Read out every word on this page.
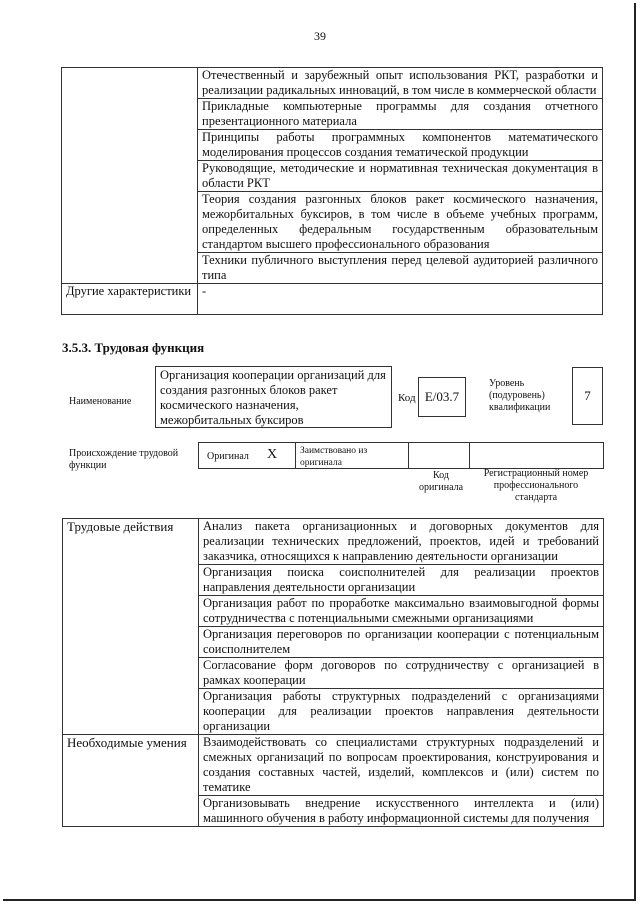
39
	Отечественный и зарубежный опыт использования РКТ, разработки и реализации радикальных инноваций, в том числе в коммерческой области
	Прикладные компьютерные программы для создания отчетного презентационного материала
	Принципы работы программных компонентов математического моделирования процессов создания тематической продукции
	Руководящие, методические и нормативная техническая документация в области РКТ
	Теория создания разгонных блоков ракет космического назначения, межорбитальных буксиров, в том числе в объеме учебных программ, определенных федеральным государственным образовательным стандартом высшего профессионального образования
	Техники публичного выступления перед целевой аудиторией различного типа
Другие характеристики	-
3.5.3. Трудовая функция
Наименование
Организация кооперации организаций для создания разгонных блоков ракет космического назначения, межорбитальных буксиров
Код Е/03.7
Уровень (подуровень) квалификации
7
Происхождение трудовой функции
Оригинал X Заимствовано из оригинала
Код оригинала
Регистрационный номер профессионального стандарта
Трудовые действия	Анализ пакета организационных и договорных документов для реализации технических предложений, проектов, идей и требований заказчика, относящихся к направлению деятельности организации
	Организация поиска соисполнителей для реализации проектов направления деятельности организации
	Организация работ по проработке максимально взаимовыгодной формы сотрудничества с потенциальными смежными организациями
	Организация переговоров по организации кооперации с потенциальным соисполнителем
	Согласование форм договоров по сотрудничеству с организацией в рамках кооперации
	Организация работы структурных подразделений с организациями кооперации для реализации проектов направления деятельности организации
Необходимые умения	Взаимодействовать со специалистами структурных подразделений и смежных организаций по вопросам проектирования, конструирования и создания составных частей, изделий, комплексов и (или) систем по тематике
	Организовывать внедрение искусственного интеллекта и (или) машинного обучения в работу информационной системы для получения
